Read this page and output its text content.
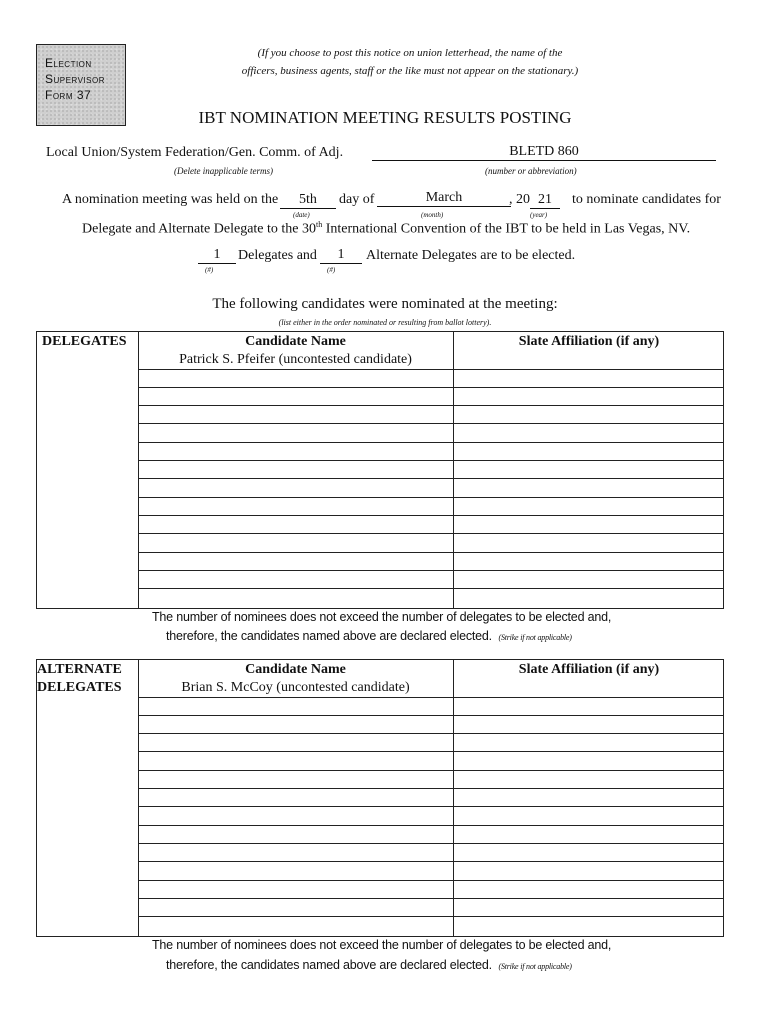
Election
Supervisor
Form 37
(If you choose to post this notice on union letterhead, the name of the
officers, business agents, staff or the like must not appear on the stationary.)
IBT NOMINATION MEETING RESULTS POSTING
Local Union/System Federation/Gen. Comm. of Adj.	BLETD 860
(Delete inapplicable terms)	(number or abbreviation)
A nomination meeting was held on the	5th	day of	March	, 20 21	to nominate candidates for
(date)	(month)	(year)
Delegate and Alternate Delegate to the 30th International Convention of the IBT to be held in Las Vegas, NV.
1	Delegates and	1	Alternate Delegates are to be elected.
(#)	(#)
The following candidates were nominated at the meeting:
(list either in the order nominated or resulting from ballot lottery).
DELEGATES	Candidate Name	Slate Affiliation (if any)
Patrick S. Pfeifer (uncontested candidate)
The number of nominees does not exceed the number of delegates to be elected and,
therefore, the candidates named above are declared elected. (Strike if not applicable)
ALTERNATE
DELEGATES
Candidate Name	Slate Affiliation (if any)
Brian S. McCoy (uncontested candidate)
The number of nominees does not exceed the number of delegates to be elected and,
therefore, the candidates named above are declared elected. (Strike if not applicable)
